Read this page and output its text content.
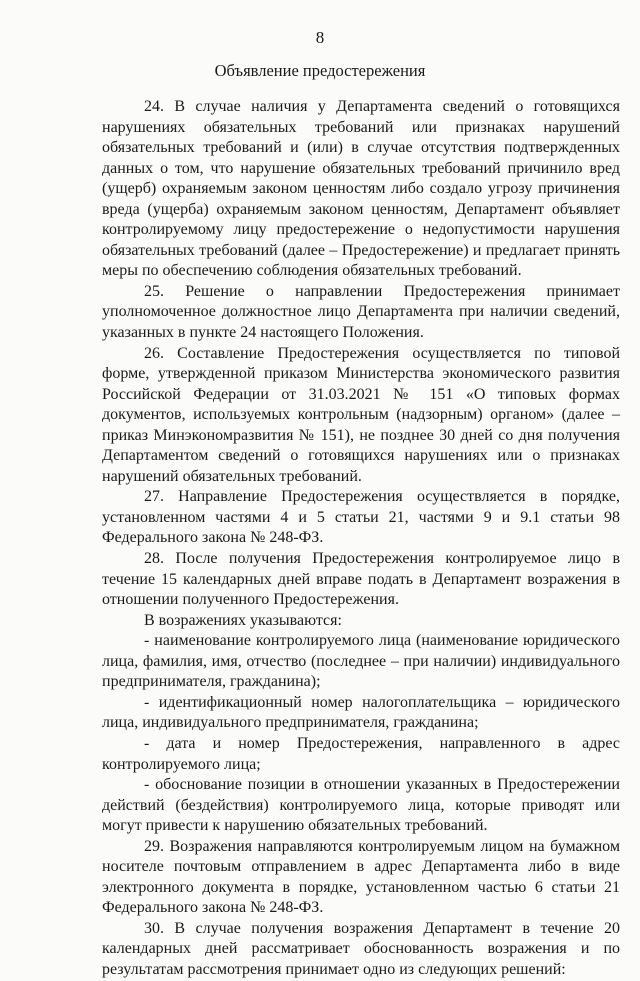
8
Объявление предостережения

24. В случае наличия у Департамента сведений о готовящихся нарушениях обязательных требований или признаках нарушений обязательных требований и (или) в случае отсутствия подтвержденных данных о том, что нарушение обязательных требований причинило вред (ущерб) охраняемым законом ценностям либо создало угрозу причинения вреда (ущерба) охраняемым законом ценностям, Департамент объявляет контролируемому лицу предостережение о недопустимости нарушения обязательных требований (далее – Предостережение) и предлагает принять меры по обеспечению соблюдения обязательных требований.

25. Решение о направлении Предостережения принимает уполномоченное должностное лицо Департамента при наличии сведений, указанных в пункте 24 настоящего Положения.

26. Составление Предостережения осуществляется по типовой форме, утвержденной приказом Министерства экономического развития Российской Федерации от 31.03.2021 № 151 «О типовых формах документов, используемых контрольным (надзорным) органом» (далее – приказ Минэкономразвития № 151), не позднее 30 дней со дня получения Департаментом сведений о готовящихся нарушениях или о признаках нарушений обязательных требований.

27. Направление Предостережения осуществляется в порядке, установленном частями 4 и 5 статьи 21, частями 9 и 9.1 статьи 98 Федерального закона № 248-ФЗ.

28. После получения Предостережения контролируемое лицо в течение 15 календарных дней вправе подать в Департамент возражения в отношении полученного Предостережения.

В возражениях указываются:

- наименование контролируемого лица (наименование юридического лица, фамилия, имя, отчество (последнее – при наличии) индивидуального предпринимателя, гражданина);

- идентификационный номер налогоплательщика – юридического лица, индивидуального предпринимателя, гражданина;

- дата и номер Предостережения, направленного в адрес контролируемого лица;

- обоснование позиции в отношении указанных в Предостережении действий (бездействия) контролируемого лица, которые приводят или могут привести к нарушению обязательных требований.

29. Возражения направляются контролируемым лицом на бумажном носителе почтовым отправлением в адрес Департамента либо в виде электронного документа в порядке, установленном частью 6 статьи 21 Федерального закона № 248-ФЗ.

30. В случае получения возражения Департамент в течение 20 календарных дней рассматривает обоснованность возражения и по результатам рассмотрения принимает одно из следующих решений:
